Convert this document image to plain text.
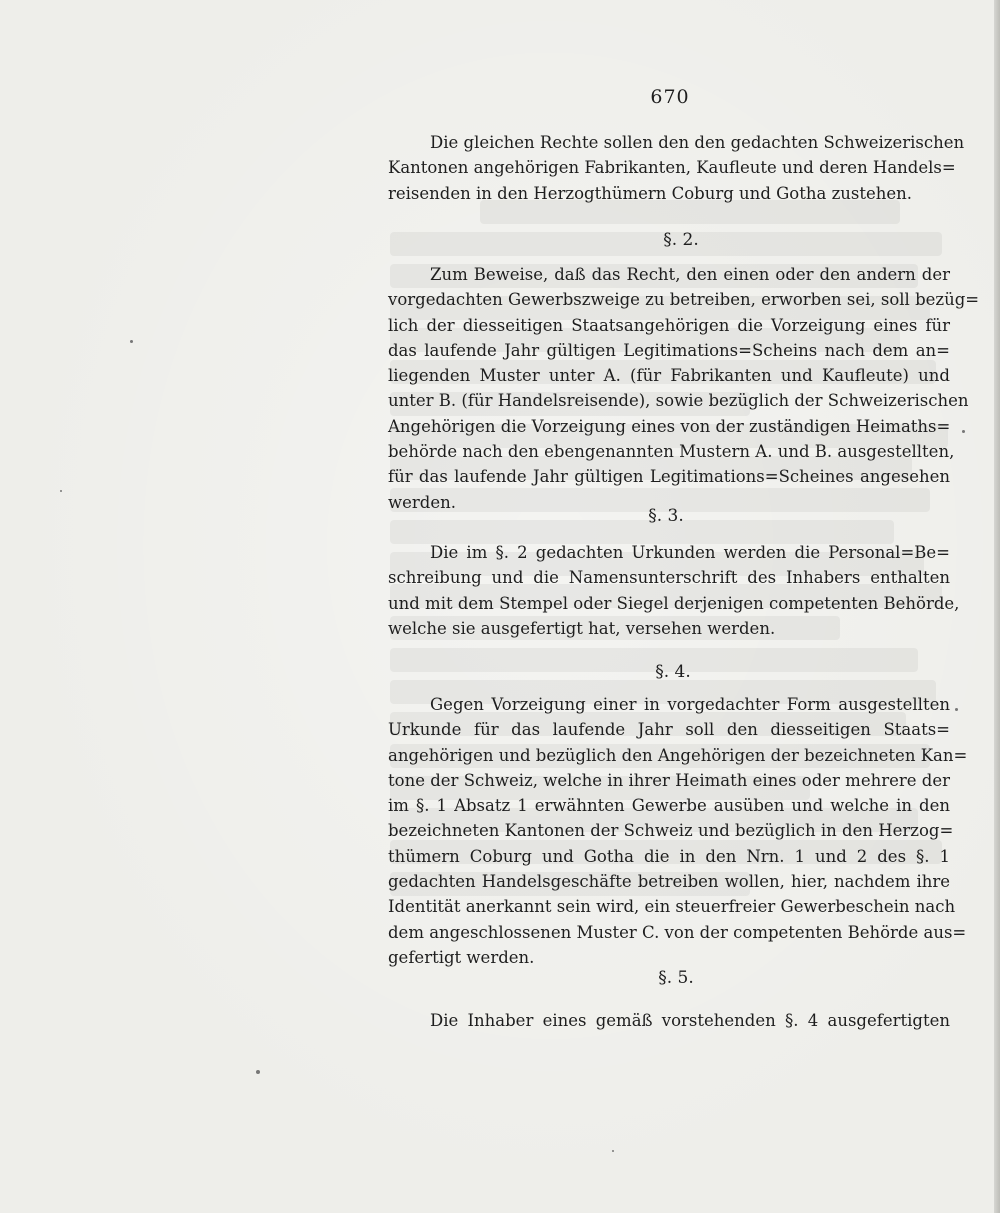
670
Die gleichen Rechte sollen den den gedachten Schweizerischen
Kantonen angehörigen Fabrikanten, Kaufleute und deren Handels=
reisenden in den Herzogthümern Coburg und Gotha zustehen.
§. 2.
Zum Beweise, daß das Recht, den einen oder den andern der
vorgedachten Gewerbszweige zu betreiben, erworben sei, soll bezüg=
lich der diesseitigen Staatsangehörigen die Vorzeigung eines für
das laufende Jahr gültigen Legitimations=Scheins nach dem an=
liegenden Muster unter A. (für Fabrikanten und Kaufleute) und
unter B. (für Handelsreisende), sowie bezüglich der Schweizerischen
Angehörigen die Vorzeigung eines von der zuständigen Heimaths=
behörde nach den ebengenannten Mustern A. und B. ausgestellten,
für das laufende Jahr gültigen Legitimations=Scheines angesehen
werden.
§. 3.
Die im §. 2 gedachten Urkunden werden die Personal=Be=
schreibung und die Namensunterschrift des Inhabers enthalten
und mit dem Stempel oder Siegel derjenigen competenten Behörde,
welche sie ausgefertigt hat, versehen werden.
§. 4.
Gegen Vorzeigung einer in vorgedachter Form ausgestellten
Urkunde für das laufende Jahr soll den diesseitigen Staats=
angehörigen und bezüglich den Angehörigen der bezeichneten Kan=
tone der Schweiz, welche in ihrer Heimath eines oder mehrere der
im §. 1 Absatz 1 erwähnten Gewerbe ausüben und welche in den
bezeichneten Kantonen der Schweiz und bezüglich in den Herzog=
thümern Coburg und Gotha die in den Nrn. 1 und 2 des §. 1
gedachten Handelsgeschäfte betreiben wollen, hier, nachdem ihre
Identität anerkannt sein wird, ein steuerfreier Gewerbeschein nach
dem angeschlossenen Muster C. von der competenten Behörde aus=
gefertigt werden.
§. 5.
Die Inhaber eines gemäß vorstehenden §. 4 ausgefertigten
